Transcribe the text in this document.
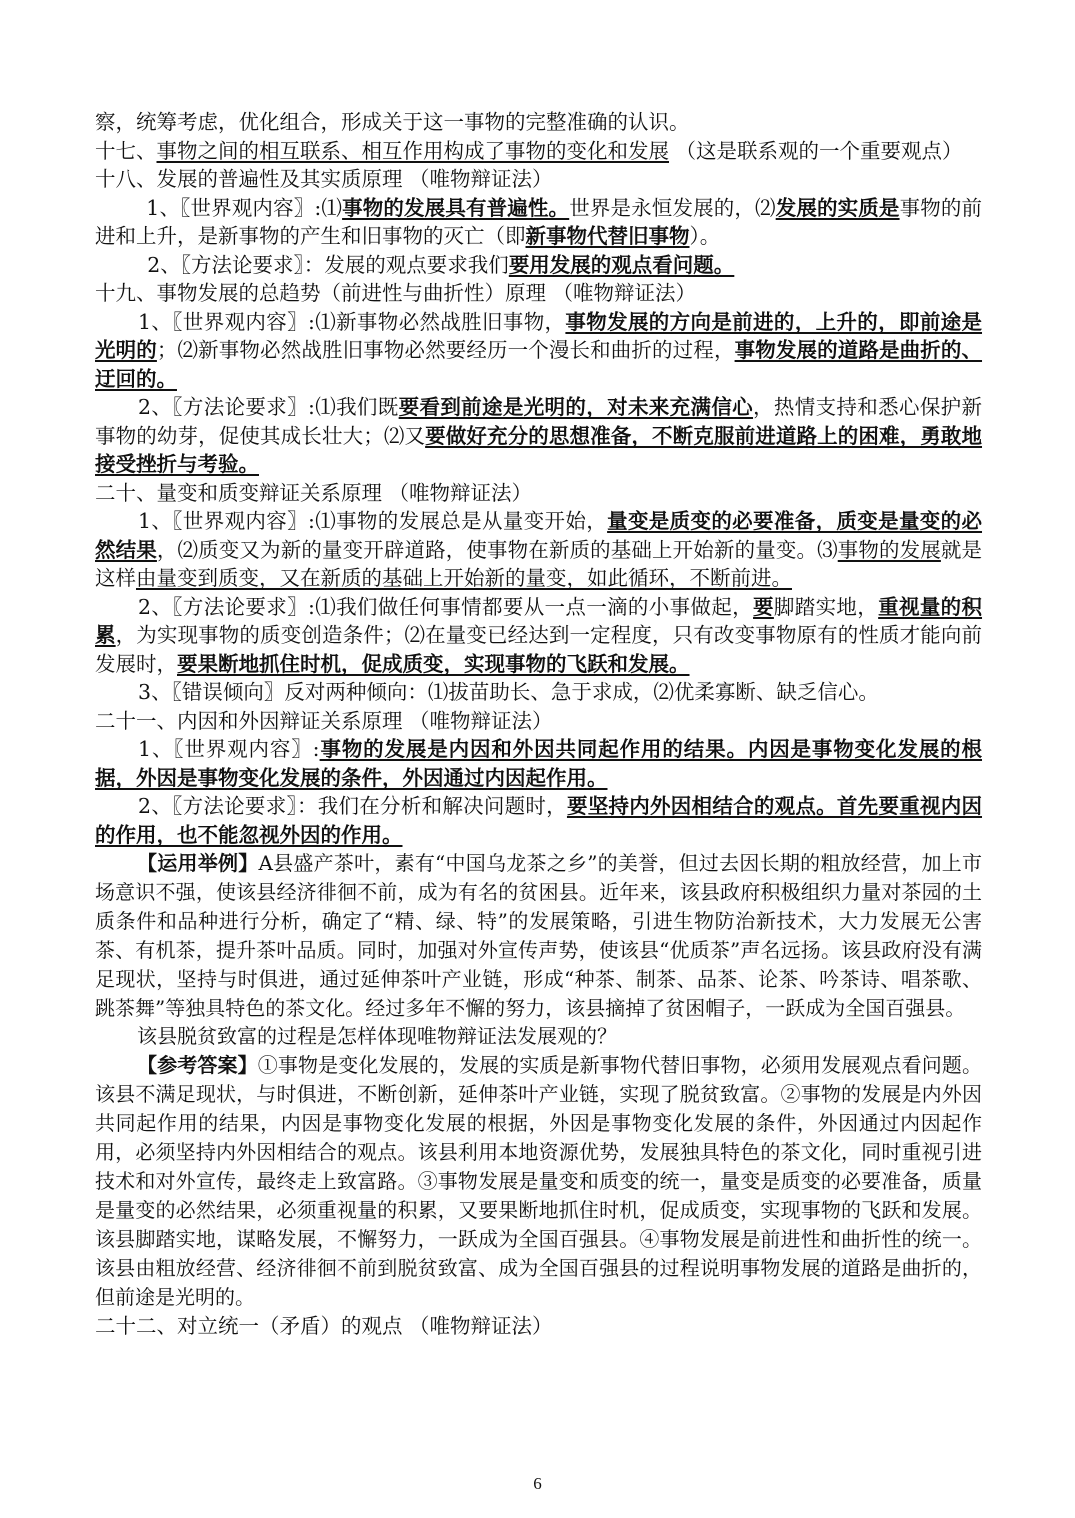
察，统筹考虑，优化组合，形成关于这一事物的完整准确的认识。

十七、事物之间的相互联系、相互作用构成了事物的变化和发展 （这是联系观的一个重要观点）

十八、发展的普遍性及其实质原理 （唯物辩证法）

1、〖世界观内容〗:⑴事物的发展具有普遍性。世界是永恒发展的，⑵发展的实质是事物的前进和上升，是新事物的产生和旧事物的灭亡（即新事物代替旧事物）。

2、〖方法论要求〗：发展的观点要求我们要用发展的观点看问题。

十九、事物发展的总趋势（前进性与曲折性）原理 （唯物辩证法）

1、〖世界观内容〗:⑴新事物必然战胜旧事物，事物发展的方向是前进的，上升的，即前途是光明的；⑵新事物必然战胜旧事物必然要经历一个漫长和曲折的过程，事物发展的道路是曲折的、迂回的。

2、〖方法论要求〗:⑴我们既要看到前途是光明的，对未来充满信心，热情支持和悉心保护新事物的幼芽，促使其成长壮大；⑵又要做好充分的思想准备，不断克服前进道路上的困难，勇敢地接受挫折与考验。

二十、量变和质变辩证关系原理 （唯物辩证法）

1、〖世界观内容〗:⑴事物的发展总是从量变开始，量变是质变的必要准备，质变是量变的必然结果，⑵质变又为新的量变开辟道路，使事物在新质的基础上开始新的量变。⑶事物的发展就是这样由量变到质变，又在新质的基础上开始新的量变，如此循环，不断前进。

2、〖方法论要求〗:⑴我们做任何事情都要从一点一滴的小事做起，要脚踏实地，重视量的积累，为实现事物的质变创造条件；⑵在量变已经达到一定程度，只有改变事物原有的性质才能向前发展时，要果断地抓住时机，促成质变，实现事物的飞跃和发展。

3、〖错误倾向〗反对两种倾向：⑴拔苗助长、急于求成，⑵优柔寡断、缺乏信心。

二十一、内因和外因辩证关系原理 （唯物辩证法）

1、〖世界观内容〗:事物的发展是内因和外因共同起作用的结果。内因是事物变化发展的根据，外因是事物变化发展的条件，外因通过内因起作用。

2、〖方法论要求〗：我们在分析和解决问题时，要坚持内外因相结合的观点。首先要重视内因的作用，也不能忽视外因的作用。

【运用举例】A县盛产茶叶，素有“中国乌龙茶之乡”的美誉，但过去因长期的粗放经营，加上市场意识不强，使该县经济徘徊不前，成为有名的贫困县。近年来，该县政府积极组织力量对茶园的土质条件和品种进行分析，确定了“精、绿、特”的发展策略，引进生物防治新技术，大力发展无公害茶、有机茶，提升茶叶品质。同时，加强对外宣传声势，使该县“优质茶”声名远扬。该县政府没有满足现状，坚持与时俱进，通过延伸茶叶产业链，形成“种茶、制茶、品茶、论茶、吟茶诗、唱茶歌、跳茶舞”等独具特色的茶文化。经过多年不懈的努力，该县摘掉了贫困帽子，一跃成为全国百强县。

该县脱贫致富的过程是怎样体现唯物辩证法发展观的？

【参考答案】①事物是变化发展的，发展的实质是新事物代替旧事物，必须用发展观点看问题。该县不满足现状，与时俱进，不断创新，延伸茶叶产业链，实现了脱贫致富。②事物的发展是内外因共同起作用的结果，内因是事物变化发展的根据，外因是事物变化发展的条件，外因通过内因起作用，必须坚持内外因相结合的观点。该县利用本地资源优势，发展独具特色的茶文化，同时重视引进技术和对外宣传，最终走上致富路。③事物发展是量变和质变的统一，量变是质变的必要准备，质量是量变的必然结果，必须重视量的积累，又要果断地抓住时机，促成质变，实现事物的飞跃和发展。该县脚踏实地，谋略发展，不懈努力，一跃成为全国百强县。④事物发展是前进性和曲折性的统一。该县由粗放经营、经济徘徊不前到脱贫致富、成为全国百强县的过程说明事物发展的道路是曲折的，但前途是光明的。

二十二、对立统一（矛盾）的观点 （唯物辩证法）

6
